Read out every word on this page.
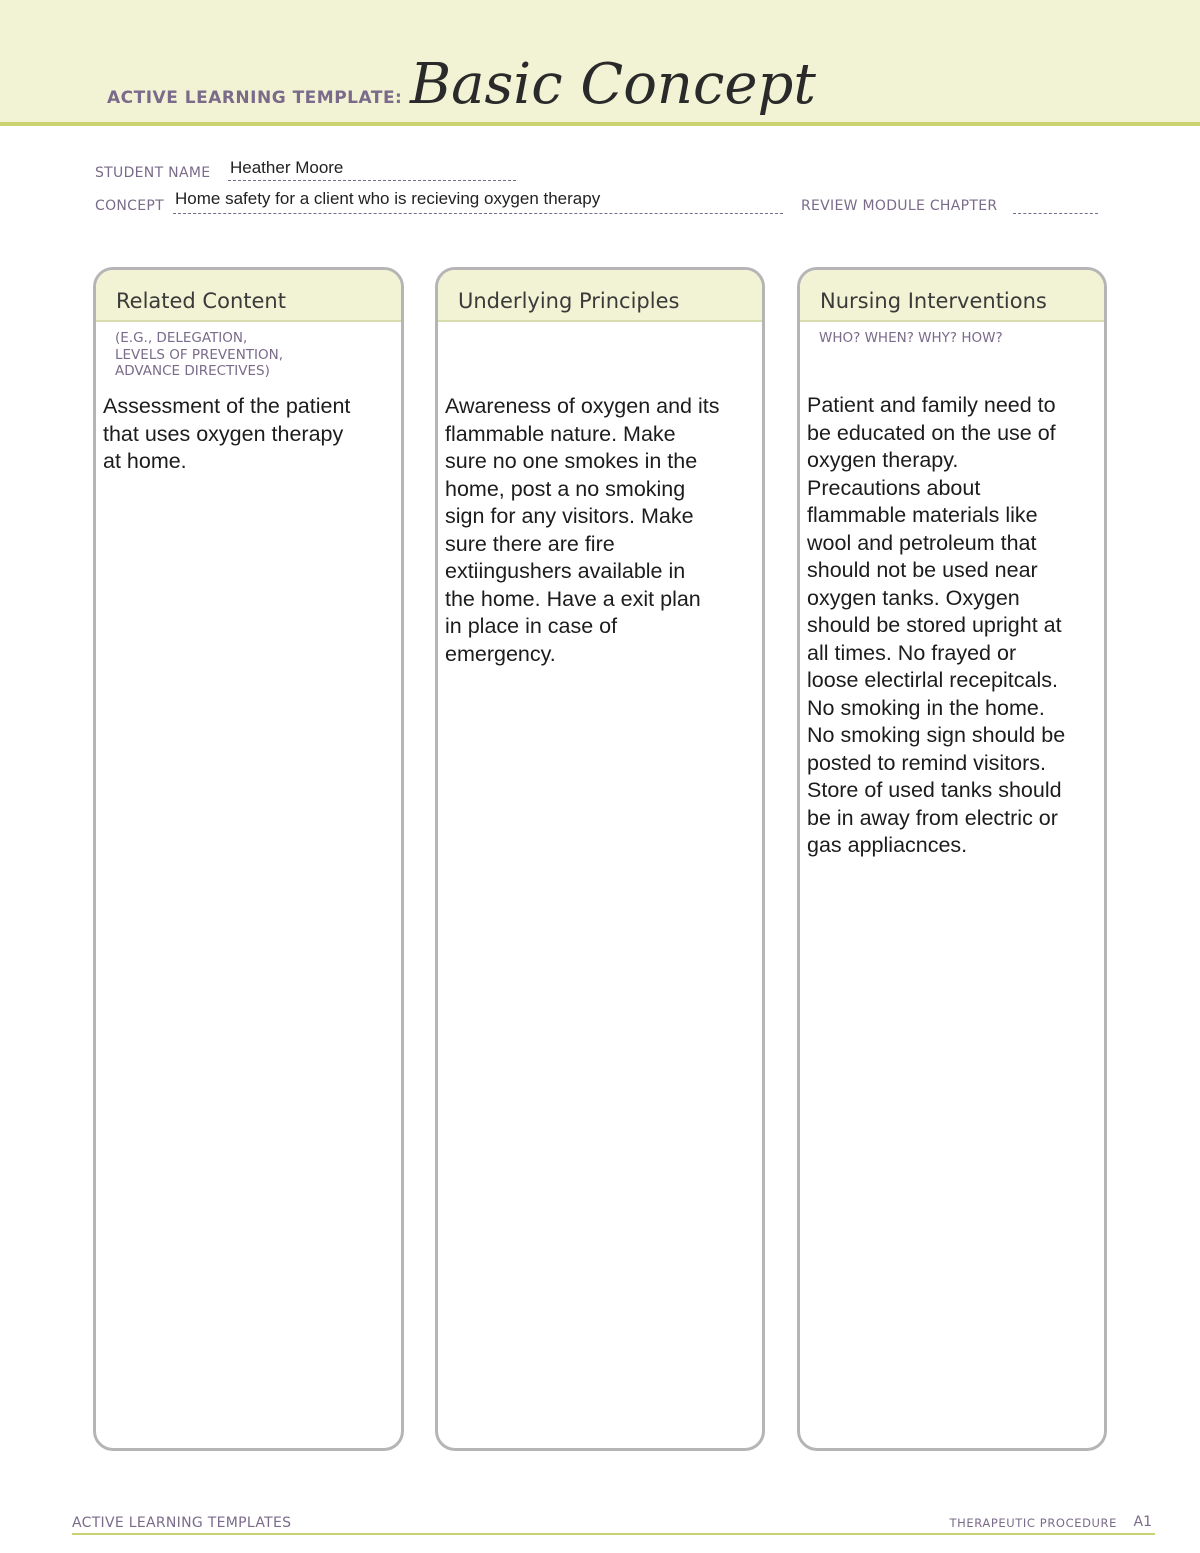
ACTIVE LEARNING TEMPLATE: Basic Concept
STUDENT NAME Heather Moore
CONCEPT Home safety for a client who is recieving oxygen therapy	REVIEW MODULE CHAPTER
Related Content
(E.G., DELEGATION,
LEVELS OF PREVENTION,
ADVANCE DIRECTIVES)
Assessment of the patient
that uses oxygen therapy
at home.
Underlying Principles
Awareness of oxygen and its
flammable nature. Make
sure no one smokes in the
home, post a no smoking
sign for any visitors. Make
sure there are fire
extiingushers available in
the home. Have a exit plan
in place in case of
emergency.
Nursing Interventions
WHO? WHEN? WHY? HOW?
Patient and family need to
be educated on the use of
oxygen therapy.
Precautions about
flammable materials like
wool and petroleum that
should not be used near
oxygen tanks. Oxygen
should be stored upright at
all times. No frayed or
loose electirlal recepitcals.
No smoking in the home.
No smoking sign should be
posted to remind visitors.
Store of used tanks should
be in away from electric or
gas appliacnces.
ACTIVE LEARNING TEMPLATES	THERAPEUTIC PROCEDURE A1
